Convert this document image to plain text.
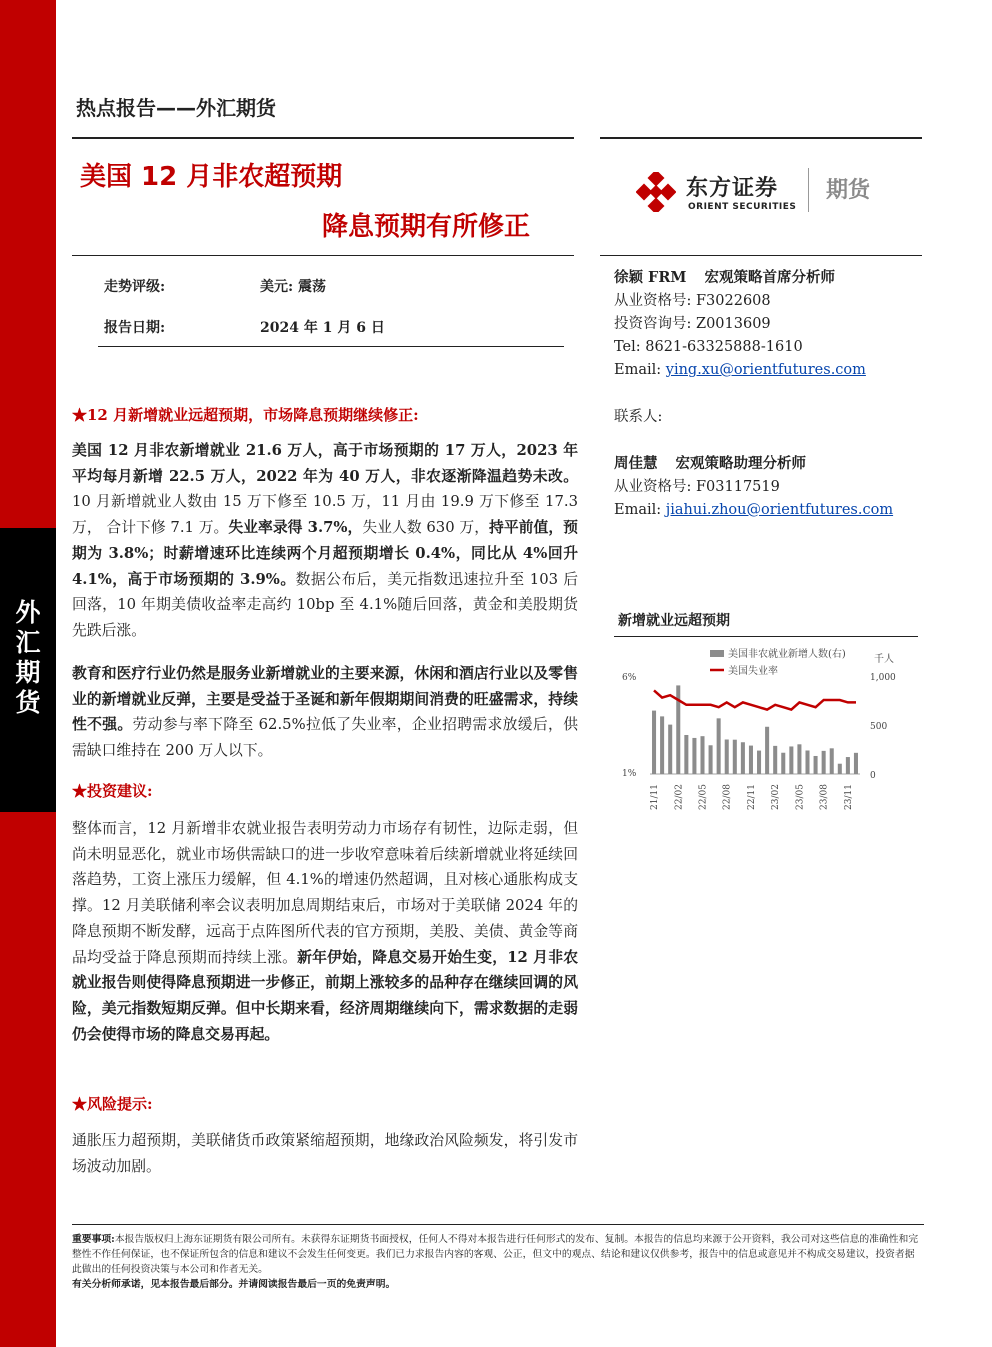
外
汇
期
货
热点报告——外汇期货
美国 12 月非农超预期
降息预期有所修正
东方证券
ORIENT SECURITIES
期货
走势评级:	美元: 震荡
报告日期:	2024 年 1 月 6 日
徐颖 FRM 宏观策略首席分析师
从业资格号: F3022608
投资咨询号: Z0013609
Tel: 8621-63325888-1610
Email: ying.xu@orientfutures.com
联系人:
周佳慧 宏观策略助理分析师
从业资格号: F03117519
Email: jiahui.zhou@orientfutures.com
★12 月新增就业远超预期，市场降息预期继续修正:
美国 12 月非农新增就业 21.6 万人，高于市场预期的 17 万人，2023 年平均每月新增 22.5 万人，2022 年为 40 万人，非农逐渐降温趋势未改。10 月新增就业人数由 15 万下修至 10.5 万，11 月由 19.9 万下修至 17.3 万， 合计下修 7.1 万。失业率录得 3.7%，失业人数 630 万，持平前值，预期为 3.8%；时薪增速环比连续两个月超预期增长 0.4%，同比从 4%回升 4.1%，高于市场预期的 3.9%。数据公布后，美元指数迅速拉升至 103 后回落，10 年期美债收益率走高约 10bp 至 4.1%随后回落，黄金和美股期货先跌后涨。
教育和医疗行业仍然是服务业新增就业的主要来源，休闲和酒店行业以及零售业的新增就业反弹，主要是受益于圣诞和新年假期期间消费的旺盛需求，持续性不强。劳动参与率下降至 62.5%拉低了失业率，企业招聘需求放缓后，供需缺口维持在 200 万人以下。
★投资建议:
整体而言，12 月新增非农就业报告表明劳动力市场存有韧性，边际走弱，但尚未明显恶化，就业市场供需缺口的进一步收窄意味着后续新增就业将延续回落趋势，工资上涨压力缓解，但 4.1%的增速仍然超调，且对核心通胀构成支撑。12 月美联储利率会议表明加息周期结束后，市场对于美联储 2024 年的降息预期不断发酵，远高于点阵图所代表的官方预期，美股、美债、黄金等商品均受益于降息预期而持续上涨。新年伊始，降息交易开始生变，12 月非农就业报告则使得降息预期进一步修正，前期上涨较多的品种存在继续回调的风险，美元指数短期反弹。但中长期来看，经济周期继续向下，需求数据的走弱仍会使得市场的降息交易再起。
★风险提示:
通胀压力超预期，美联储货币政策紧缩超预期，地缘政治风险频发，将引发市场波动加剧。
新增就业远超预期
美国非农就业新增人数(右)
美国失业率
千人
6%
1%
1,000
500
0
21/11 22/02 22/05 22/08 22/11 23/02 23/05 23/08 23/11
重要事项:本报告版权归上海东证期货有限公司所有。未获得东证期货书面授权，任何人不得对本报告进行任何形式的发布、复制。本报告的信息均来源于公开资料，我公司对这些信息的准确性和完整性不作任何保证，也不保证所包含的信息和建议不会发生任何变更。我们已力求报告内容的客观、公正，但文中的观点、结论和建议仅供参考，报告中的信息或意见并不构成交易建议，投资者据此做出的任何投资决策与本公司和作者无关。
有关分析师承诺，见本报告最后部分。并请阅读报告最后一页的免责声明。
